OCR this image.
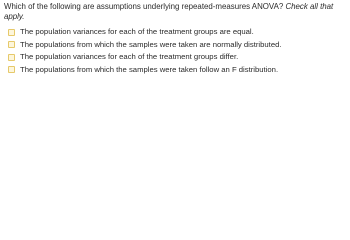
Which of the following are assumptions underlying repeated-measures ANOVA? Check all that apply.

The population variances for each of the treatment groups are equal.
The populations from which the samples were taken are normally distributed.
The population variances for each of the treatment groups differ.
The populations from which the samples were taken follow an F distribution.
